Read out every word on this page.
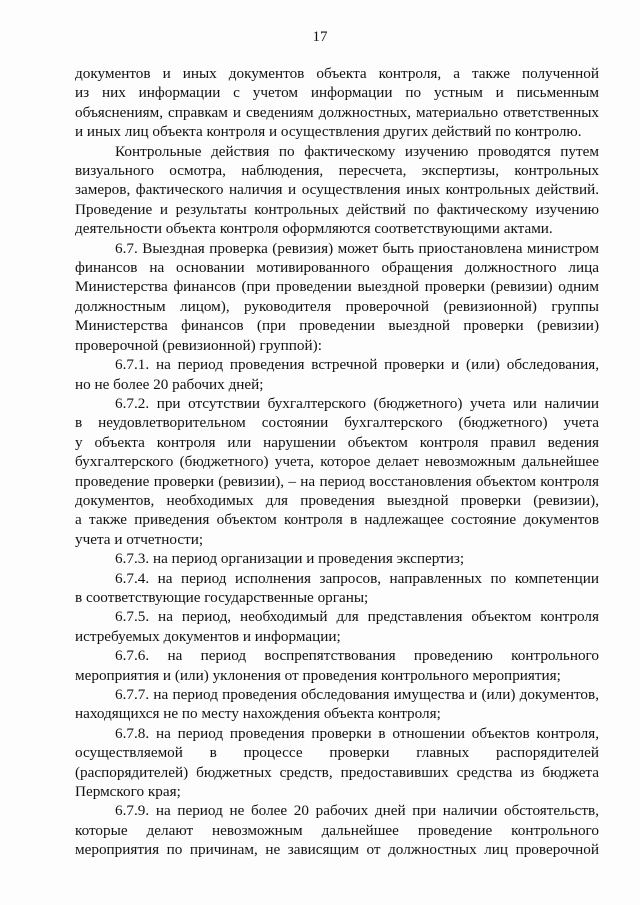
17
документов и иных документов объекта контроля, а также полученной
из них информации с учетом информации по устным и письменным
объяснениям, справкам и сведениям должностных, материально ответственных
и иных лиц объекта контроля и осуществления других действий по контролю.
Контрольные действия по фактическому изучению проводятся путем
визуального осмотра, наблюдения, пересчета, экспертизы, контрольных
замеров, фактического наличия и осуществления иных контрольных действий.
Проведение и результаты контрольных действий по фактическому изучению
деятельности объекта контроля оформляются соответствующими актами.
6.7. Выездная проверка (ревизия) может быть приостановлена министром
финансов на основании мотивированного обращения должностного лица
Министерства финансов (при проведении выездной проверки (ревизии) одним
должностным лицом), руководителя проверочной (ревизионной) группы
Министерства финансов (при проведении выездной проверки (ревизии)
проверочной (ревизионной) группой):
6.7.1. на период проведения встречной проверки и (или) обследования,
но не более 20 рабочих дней;
6.7.2. при отсутствии бухгалтерского (бюджетного) учета или наличии
в неудовлетворительном состоянии бухгалтерского (бюджетного) учета
у объекта контроля или нарушении объектом контроля правил ведения
бухгалтерского (бюджетного) учета, которое делает невозможным дальнейшее
проведение проверки (ревизии), – на период восстановления объектом контроля
документов, необходимых для проведения выездной проверки (ревизии),
а также приведения объектом контроля в надлежащее состояние документов
учета и отчетности;
6.7.3. на период организации и проведения экспертиз;
6.7.4. на период исполнения запросов, направленных по компетенции
в соответствующие государственные органы;
6.7.5. на период, необходимый для представления объектом контроля
истребуемых документов и информации;
6.7.6. на период воспрепятствования проведению контрольного
мероприятия и (или) уклонения от проведения контрольного мероприятия;
6.7.7. на период проведения обследования имущества и (или) документов,
находящихся не по месту нахождения объекта контроля;
6.7.8. на период проведения проверки в отношении объектов контроля,
осуществляемой в процессе проверки главных распорядителей
(распорядителей) бюджетных средств, предоставивших средства из бюджета
Пермского края;
6.7.9. на период не более 20 рабочих дней при наличии обстоятельств,
которые делают невозможным дальнейшее проведение контрольного
мероприятия по причинам, не зависящим от должностных лиц проверочной
